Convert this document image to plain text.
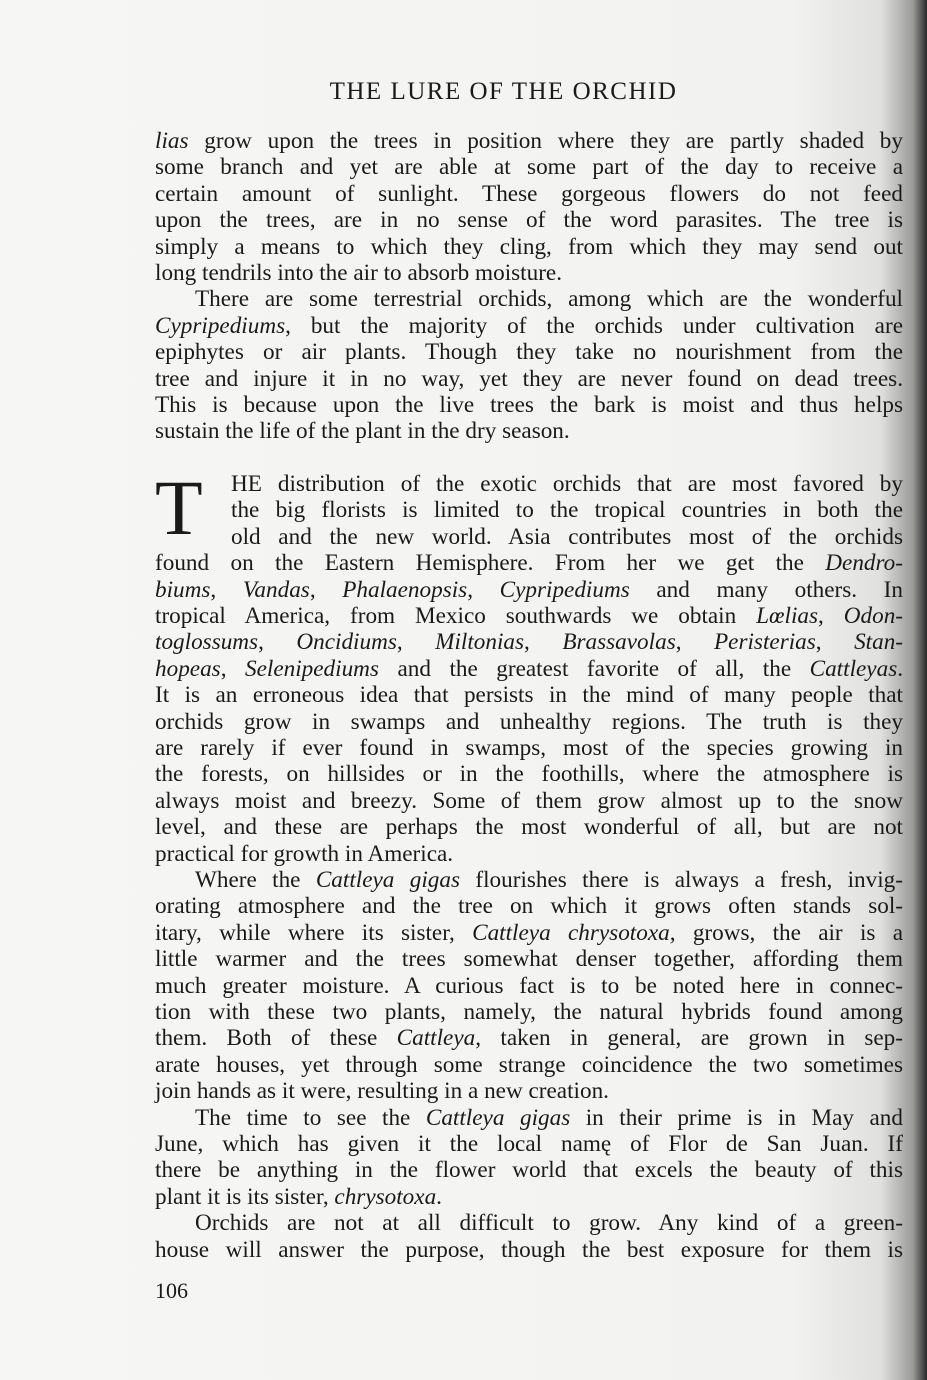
THE LURE OF THE ORCHID
lias grow upon the trees in position where they are partly shaded by
some branch and yet are able at some part of the day to receive a
certain amount of sunlight. These gorgeous flowers do not feed
upon the trees, are in no sense of the word parasites. The tree is
simply a means to which they cling, from which they may send out
long tendrils into the air to absorb moisture.
There are some terrestrial orchids, among which are the wonderful
Cypripediums, but the majority of the orchids under cultivation are
epiphytes or air plants. Though they take no nourishment from the
tree and injure it in no way, yet they are never found on dead trees.
This is because upon the live trees the bark is moist and thus helps
sustain the life of the plant in the dry season.
T	HE distribution of the exotic orchids that are most favored by
the big florists is limited to the tropical countries in both the
old and the new world. Asia contributes most of the orchids
found on the Eastern Hemisphere. From her we get the Dendro-
biums, Vandas, Phalaenopsis, Cypripediums and many others. In
tropical America, from Mexico southwards we obtain Lœlias, Odon-
toglossums, Oncidiums, Miltonias, Brassavolas, Peristerias, Stan-
hopeas, Selenipediums and the greatest favorite of all, the Cattleyas.
It is an erroneous idea that persists in the mind of many people that
orchids grow in swamps and unhealthy regions. The truth is they
are rarely if ever found in swamps, most of the species growing in
the forests, on hillsides or in the foothills, where the atmosphere is
always moist and breezy. Some of them grow almost up to the snow
level, and these are perhaps the most wonderful of all, but are not
practical for growth in America.
Where the Cattleya gigas flourishes there is always a fresh, invig-
orating atmosphere and the tree on which it grows often stands sol-
itary, while where its sister, Cattleya chrysotoxa, grows, the air is a
little warmer and the trees somewhat denser together, affording them
much greater moisture. A curious fact is to be noted here in connec-
tion with these two plants, namely, the natural hybrids found among
them. Both of these Cattleya, taken in general, are grown in sep-
arate houses, yet through some strange coincidence the two sometimes
join hands as it were, resulting in a new creation.
The time to see the Cattleya gigas in their prime is in May and
June, which has given it the local namę of Flor de San Juan. If
there be anything in the flower world that excels the beauty of this
plant it is its sister, chrysotoxa.
Orchids are not at all difficult to grow. Any kind of a green-
house will answer the purpose, though the best exposure for them is
106
